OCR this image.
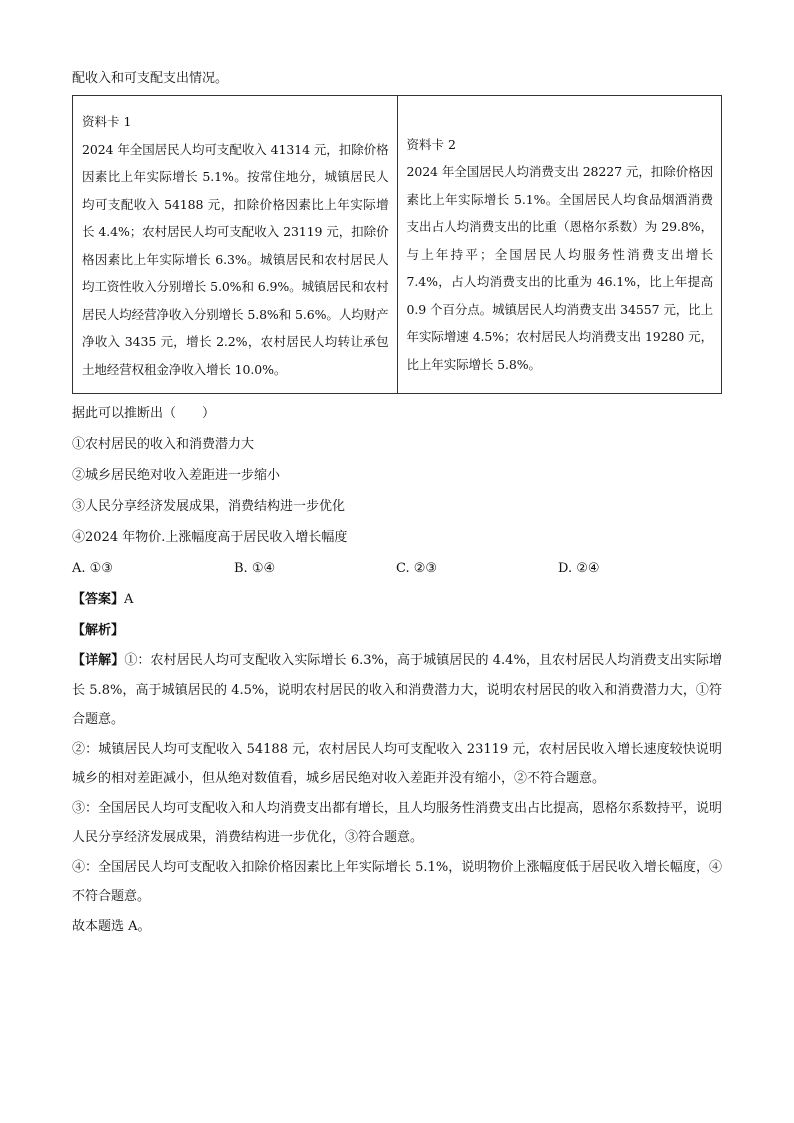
配收入和可支配支出情况。
资料卡 1
2024 年全国居民人均可支配收入 41314 元，扣除价格因素比上年实际增长 5.1%。按常住地分，城镇居民人均可支配收入 54188 元，扣除价格因素比上年实际增长 4.4%；农村居民人均可支配收入 23119 元，扣除价格因素比上年实际增长 6.3%。城镇居民和农村居民人均工资性收入分别增长 5.0%和 6.9%。城镇居民和农村居民人均经营净收入分别增长 5.8%和 5.6%。人均财产净收入 3435 元，增长 2.2%，农村居民人均转让承包土地经营权租金净收入增长 10.0%。

资料卡 2
2024 年全国居民人均消费支出 28227 元，扣除价格因素比上年实际增长 5.1%。全国居民人均食品烟酒消费支出占人均消费支出的比重（恩格尔系数）为 29.8%，与上年持平；全国居民人均服务性消费支出增长 7.4%，占人均消费支出的比重为 46.1%，比上年提高 0.9 个百分点。城镇居民人均消费支出 34557 元，比上年实际增速 4.5%；农村居民人均消费支出 19280 元，比上年实际增长 5.8%。
据此可以推断出（　　）
①农村居民的收入和消费潜力大
②城乡居民绝对收入差距进一步缩小
③人民分享经济发展成果，消费结构进一步优化
④2024 年物价.上涨幅度高于居民收入增长幅度
A. ①③	B. ①④	C. ②③	D. ②④
【答案】A
【解析】
【详解】①：农村居民人均可支配收入实际增长 6.3%，高于城镇居民的 4.4%，且农村居民人均消费支出实际增长 5.8%，高于城镇居民的 4.5%，说明农村居民的收入和消费潜力大，说明农村居民的收入和消费潜力大，①符合题意。
②：城镇居民人均可支配收入 54188 元，农村居民人均可支配收入 23119 元，农村居民收入增长速度较快说明城乡的相对差距减小，但从绝对数值看，城乡居民绝对收入差距并没有缩小，②不符合题意。
③：全国居民人均可支配收入和人均消费支出都有增长，且人均服务性消费支出占比提高，恩格尔系数持平，说明人民分享经济发展成果，消费结构进一步优化，③符合题意。
④：全国居民人均可支配收入扣除价格因素比上年实际增长 5.1%，说明物价上涨幅度低于居民收入增长幅度，④不符合题意。
故本题选 A。
